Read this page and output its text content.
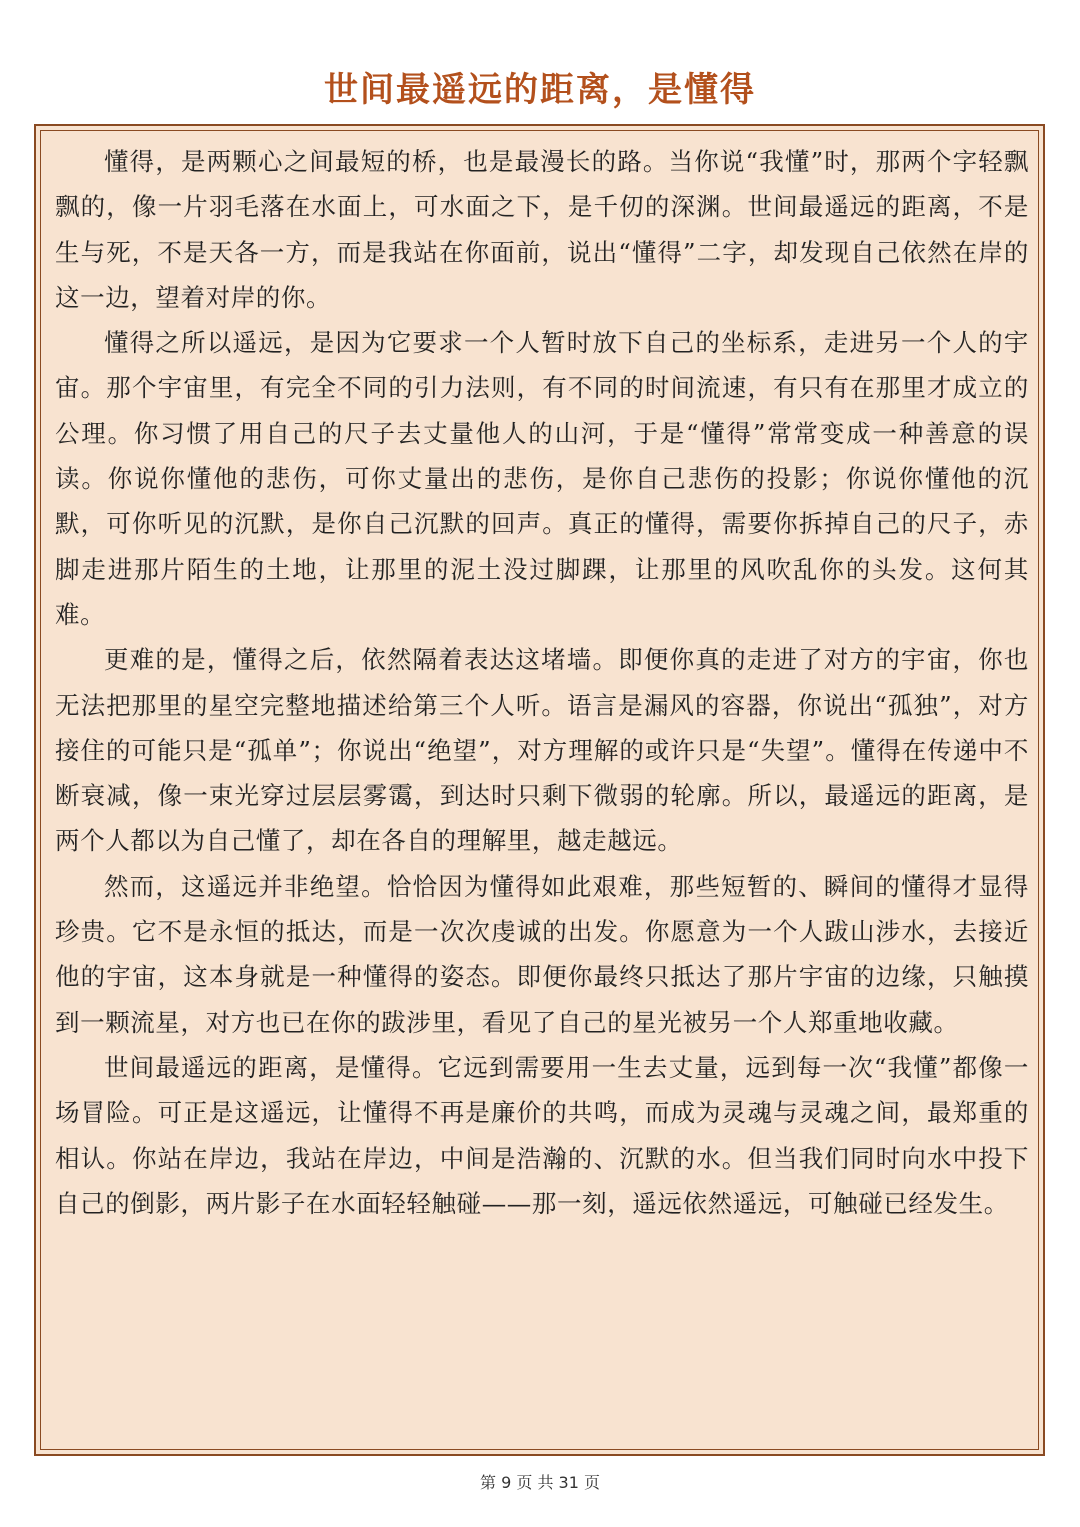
世间最遥远的距离，是懂得

懂得，是两颗心之间最短的桥，也是最漫长的路。当你说“我懂”时，那两个字轻飘飘的，像一片羽毛落在水面上，可水面之下，是千仞的深渊。世间最遥远的距离，不是生与死，不是天各一方，而是我站在你面前，说出“懂得”二字，却发现自己依然在岸的这一边，望着对岸的你。

懂得之所以遥远，是因为它要求一个人暂时放下自己的坐标系，走进另一个人的宇宙。那个宇宙里，有完全不同的引力法则，有不同的时间流速，有只有在那里才成立的公理。你习惯了用自己的尺子去丈量他人的山河，于是“懂得”常常变成一种善意的误读。你说你懂他的悲伤，可你丈量出的悲伤，是你自己悲伤的投影；你说你懂他的沉默，可你听见的沉默，是你自己沉默的回声。真正的懂得，需要你拆掉自己的尺子，赤脚走进那片陌生的土地，让那里的泥土没过脚踝，让那里的风吹乱你的头发。这何其难。

更难的是，懂得之后，依然隔着表达这堵墙。即便你真的走进了对方的宇宙，你也无法把那里的星空完整地描述给第三个人听。语言是漏风的容器，你说出“孤独”，对方接住的可能只是“孤单”；你说出“绝望”，对方理解的或许只是“失望”。懂得在传递中不断衰减，像一束光穿过层层雾霭，到达时只剩下微弱的轮廓。所以，最遥远的距离，是两个人都以为自己懂了，却在各自的理解里，越走越远。

然而，这遥远并非绝望。恰恰因为懂得如此艰难，那些短暂的、瞬间的懂得才显得珍贵。它不是永恒的抵达，而是一次次虔诚的出发。你愿意为一个人跋山涉水，去接近他的宇宙，这本身就是一种懂得的姿态。即便你最终只抵达了那片宇宙的边缘，只触摸到一颗流星，对方也已在你的跋涉里，看见了自己的星光被另一个人郑重地收藏。

世间最遥远的距离，是懂得。它远到需要用一生去丈量，远到每一次“我懂”都像一场冒险。可正是这遥远，让懂得不再是廉价的共鸣，而成为灵魂与灵魂之间，最郑重的相认。你站在岸边，我站在岸边，中间是浩瀚的、沉默的水。但当我们同时向水中投下自己的倒影，两片影子在水面轻轻触碰——那一刻，遥远依然遥远，可触碰已经发生。

第 9 页 共 31 页
